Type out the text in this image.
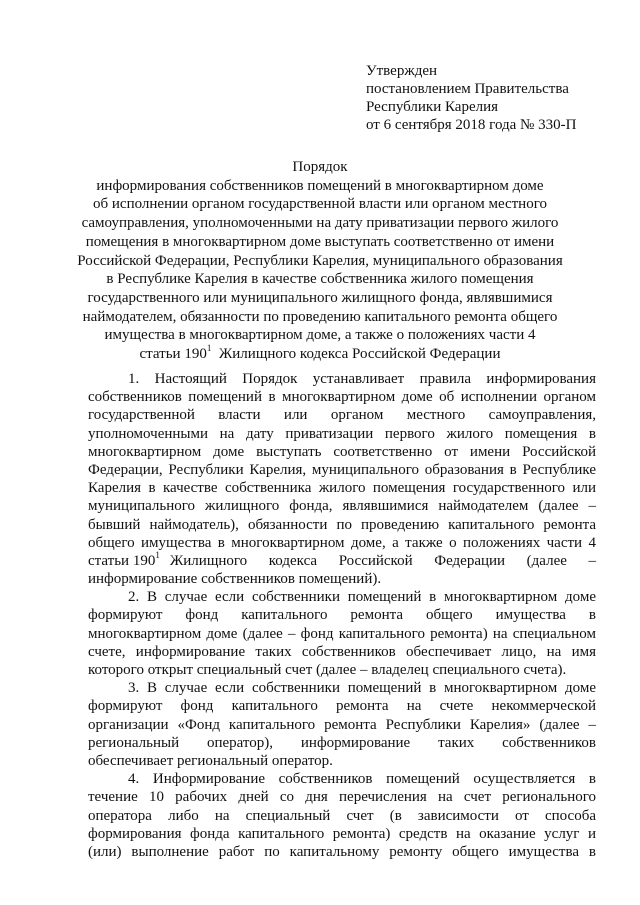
Утвержден
постановлением Правительства
Республики Карелия
от 6 сентября 2018 года № 330-П
Порядок
информирования собственников помещений в многоквартирном доме
об исполнении органом государственной власти или органом местного
самоуправления, уполномоченными на дату приватизации первого жилого
помещения в многоквартирном доме выступать соответственно от имени
Российской Федерации, Республики Карелия, муниципального образования
в Республике Карелия в качестве собственника жилого помещения
государственного или муниципального жилищного фонда, являвшимися
наймодателем, обязанности по проведению капитального ремонта общего
имущества в многоквартирном доме, а также о положениях части 4
статьи $190^1$  Жилищного кодекса Российской Федерации
1. Настоящий Порядок устанавливает правила информирования
собственников помещений в многоквартирном доме об исполнении органом
государственной власти или органом местного самоуправления,
уполномоченными на дату приватизации первого жилого помещения в
многоквартирном доме выступать соответственно от имени Российской
Федерации, Республики Карелия, муниципального образования в Республике
Карелия в качестве собственника жилого помещения государственного или
муниципального жилищного фонда, являвшимися наймодателем (далее –
бывший наймодатель), обязанности по проведению капитального ремонта
общего имущества в многоквартирном доме, а также о положениях части 4
статьи $190^1$ Жилищного кодекса Российской Федерации (далее –
информирование собственников помещений).
2. В случае если собственники помещений в многоквартирном доме
формируют фонд капитального ремонта общего имущества в
многоквартирном доме (далее – фонд капитального ремонта) на специальном
счете, информирование таких собственников обеспечивает лицо, на имя
которого открыт специальный счет (далее – владелец специального счета).
3. В случае если собственники помещений в многоквартирном доме
формируют фонд капитального ремонта на счете некоммерческой
организации «Фонд капитального ремонта Республики Карелия» (далее –
региональный оператор), информирование таких собственников
обеспечивает региональный оператор.
4. Информирование собственников помещений осуществляется в
течение 10 рабочих дней со дня перечисления на счет регионального
оператора либо на специальный счет (в зависимости от способа
формирования фонда капитального ремонта) средств на оказание услуг и
(или) выполнение работ по капитальному ремонту общего имущества в
